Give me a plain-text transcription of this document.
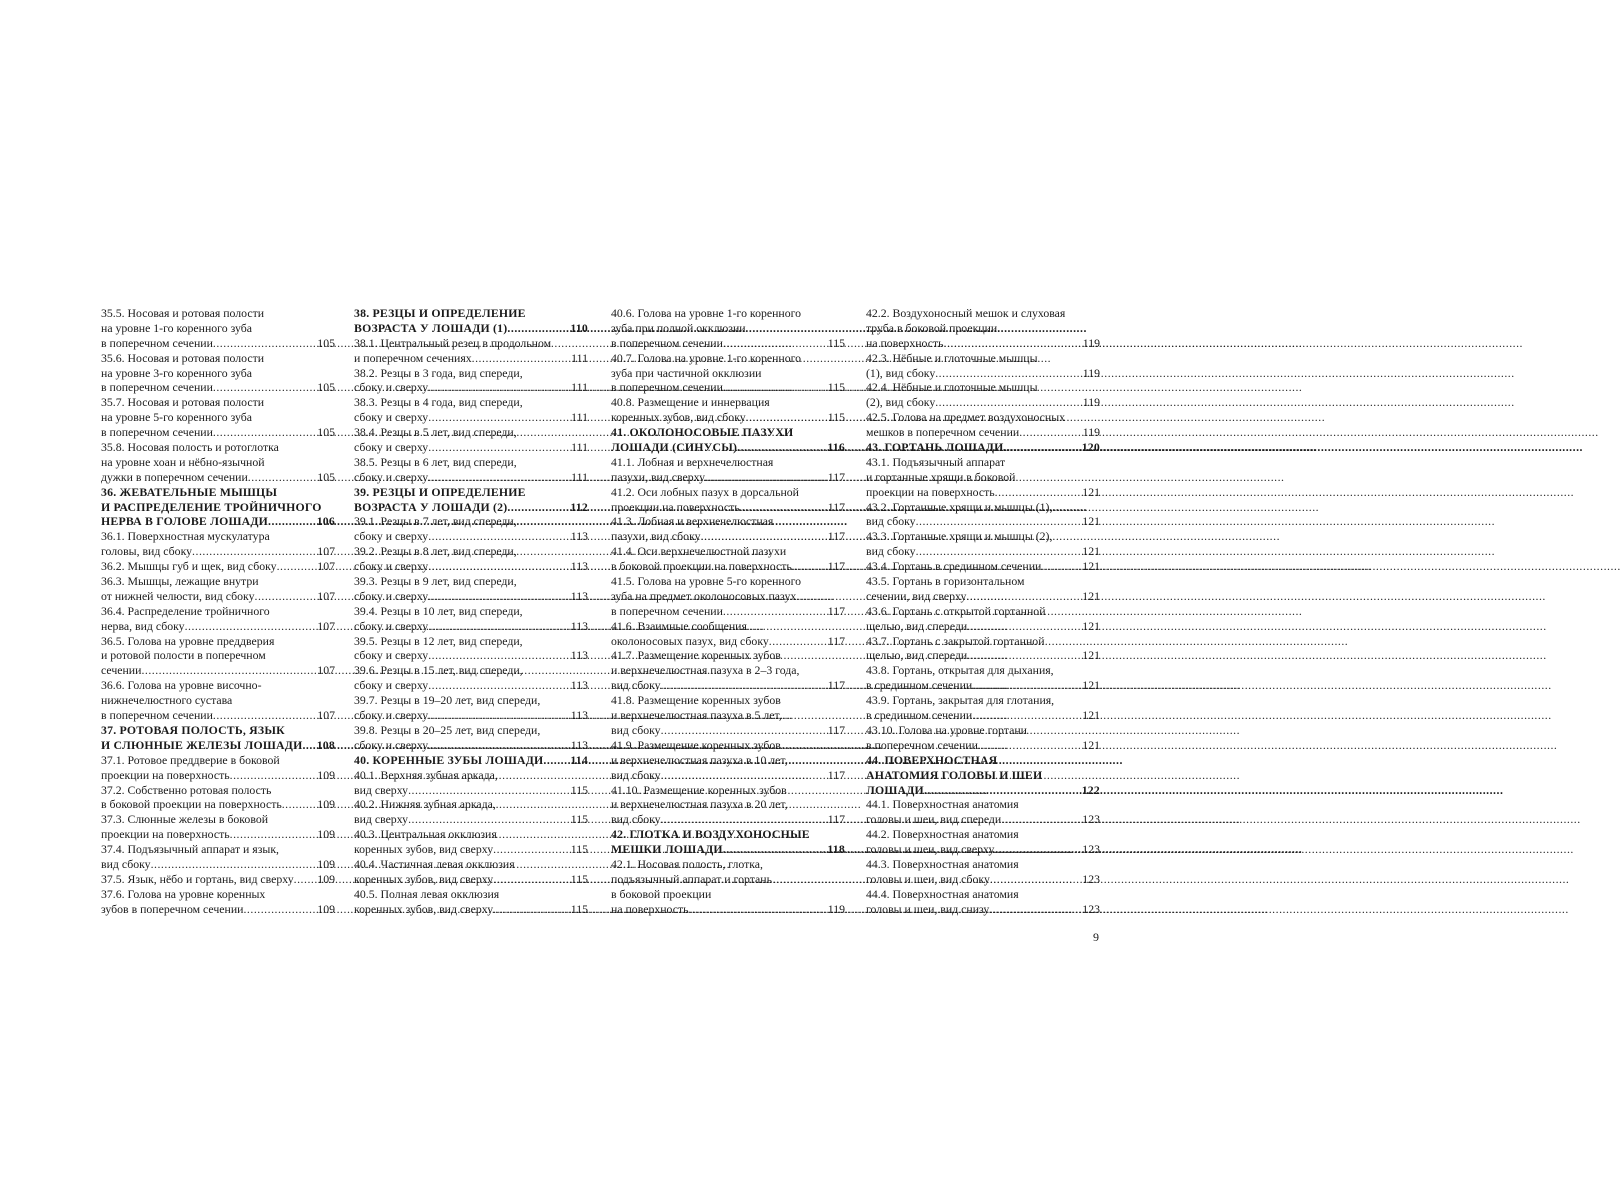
35.5. Носовая и ротовая полости
на уровне 1-го коренного зуба
в поперечном сечении .....	105
35.6. Носовая и ротовая полости
на уровне 3-го коренного зуба
в поперечном сечении .....	105
35.7. Носовая и ротовая полости
на уровне 5-го коренного зуба
в поперечном сечении .....	105
35.8. Носовая полость и ротоглотка
на уровне хоан и нёбно-язычной
дужки в поперечном сечении .....	105
36. ЖЕВАТЕЛЬНЫЕ МЫШЦЫ
И РАСПРЕДЕЛЕНИЕ ТРОЙНИЧНОГО
НЕРВА В ГОЛОВЕ ЛОШАДИ .....	106
36.1. Поверхностная мускулатура
головы, вид сбоку .....	107
36.2. Мышцы губ и щек, вид сбоку .....	107
36.3. Мышцы, лежащие внутри
от нижней челюсти, вид сбоку .....	107
36.4. Распределение тройничного
нерва, вид сбоку .....	107
36.5. Голова на уровне преддверия
и ротовой полости в поперечном
сечении .....	107
36.6. Голова на уровне височно-
нижнечелюстного сустава
в поперечном сечении .....	107
37. РОТОВАЯ ПОЛОСТЬ, ЯЗЫК
И СЛЮННЫЕ ЖЕЛЕЗЫ ЛОШАДИ ..... 108
37.1. Ротовое преддверие в боковой
проекции на поверхность .....	109
37.2. Собственно ротовая полость
в боковой проекции на поверхность .....	109
37.3. Слюнные железы в боковой
проекции на поверхность .....	109
37.4. Подъязычный аппарат и язык,
вид сбоку .....	109
37.5. Язык, нёбо и гортань, вид сверху ..... 109
37.6. Голова на уровне коренных
зубов в поперечном сечении .....	109
38. РЕЗЦЫ И ОПРЕДЕЛЕНИЕ
ВОЗРАСТА У ЛОШАДИ (1) .....	110
38.1. Центральный резец в продольном
и поперечном сечениях .....	111
38.2. Резцы в 3 года, вид спереди,
сбоку и сверху .....	111
38.3. Резцы в 4 года, вид спереди,
сбоку и сверху .....	111
38.4. Резцы в 5 лет, вид спереди,
сбоку и сверху .....	111
38.5. Резцы в 6 лет, вид спереди,
сбоку и сверху .....	111
39. РЕЗЦЫ И ОПРЕДЕЛЕНИЕ
ВОЗРАСТА У ЛОШАДИ (2) .....	112
39.1. Резцы в 7 лет, вид спереди,
сбоку и сверху .....	113
39.2. Резцы в 8 лет, вид спереди,
сбоку и сверху .....	113
39.3. Резцы в 9 лет, вид спереди,
сбоку и сверху .....	113
39.4. Резцы в 10 лет, вид спереди,
сбоку и сверху .....	113
39.5. Резцы в 12 лет, вид спереди,
сбоку и сверху .....	113
39.6. Резцы в 15 лет, вид спереди,
сбоку и сверху .....	113
39.7. Резцы в 19–20 лет, вид спереди,
сбоку и сверху .....	113
39.8. Резцы в 20–25 лет, вид спереди,
сбоку и сверху .....	113
40. КОРЕННЫЕ ЗУБЫ ЛОШАДИ ..... 114
40.1. Верхняя зубная аркада,
вид сверху .....	115
40.2. Нижняя зубная аркада,
вид сверху .....	115
40.3. Центральная окклюзия
коренных зубов, вид сверху .....	115
40.4. Частичная левая окклюзия
коренных зубов, вид сверху .....	115
40.5. Полная левая окклюзия
коренных зубов, вид сверху .....	115
40.6. Голова на уровне 1-го коренного
зуба при полной окклюзии
в поперечном сечении .....	115
40.7. Голова на уровне 1-го коренного
зуба при частичной окклюзии
в поперечном сечении .....	115
40.8. Размещение и иннервация
коренных зубов, вид сбоку .....	115
41. ОКОЛОНОСОВЫЕ ПАЗУХИ
ЛОШАДИ (СИНУСЫ) .....	116
41.1. Лобная и верхнечелюстная
пазухи, вид сверху .....	117
41.2. Оси лобных пазух в дорсальной
проекции на поверхность .....	117
41.3. Лобная и верхнечелюстная
пазухи, вид сбоку .....	117
41.4. Оси верхнечелюстной пазухи
в боковой проекции на поверхность .....	117
41.5. Голова на уровне 5-го коренного
зуба на предмет околоносовых пазух
в поперечном сечении .....	117
41.6. Взаимные сообщения
околоносовых пазух, вид сбоку .....	117
41.7. Размещение коренных зубов
и верхнечелюстная пазуха в 2–3 года,
вид сбоку .....	117
41.8. Размещение коренных зубов
и верхнечелюстная пазуха в 5 лет,
вид сбоку .....	117
41.9. Размещение коренных зубов
и верхнечелюстная пазуха в 10 лет,
вид сбоку .....	117
41.10. Размещение коренных зубов
и верхнечелюстная пазуха в 20 лет,
вид сбоку .....	117
42. ГЛОТКА И ВОЗДУХОНОСНЫЕ
МЕШКИ ЛОШАДИ .....	118
42.1. Носовая полость, глотка,
подъязычный аппарат и гортань
в боковой проекции
на поверхность .....	119
42.2. Воздухоносный мешок и слуховая
труба в боковой проекции
на поверхность .....	119
42.3. Нёбные и глоточные мышцы
(1), вид сбоку .....	119
42.4. Нёбные и глоточные мышцы
(2), вид сбоку .....	119
42.5. Голова на предмет воздухоносных
мешков в поперечном сечении .....	119
43. ГОРТАНЬ ЛОШАДИ .....	120
43.1. Подъязычный аппарат
и гортанные хрящи в боковой
проекции на поверхность .....	121
43.2. Гортанные хрящи и мышцы (1),
вид сбоку .....	121
43.3. Гортанные хрящи и мышцы (2),
вид сбоку .....	121
43.4. Гортань в срединном сечении .....	121
43.5. Гортань в горизонтальном
сечении, вид сверху .....	121
43.6. Гортань с открытой гортанной
щелью, вид спереди .....	121
43.7. Гортань с закрытой гортанной
щелью, вид спереди .....	121
43.8. Гортань, открытая для дыхания,
в срединном сечении .....	121
43.9. Гортань, закрытая для глотания,
в срединном сечении .....	121
43.10. Голова на уровне гортани
в поперечном сечении .....	121
44. ПОВЕРХНОСТНАЯ
АНАТОМИЯ ГОЛОВЫ И ШЕИ
ЛОШАДИ .....	122
44.1. Поверхностная анатомия
головы и шеи, вид спереди .....	123
44.2. Поверхностная анатомия
головы и шеи, вид сверху .....	123
44.3. Поверхностная анатомия
головы и шеи, вид сбоку .....	123
44.4. Поверхностная анатомия
головы и шеи, вид снизу .....	123
9
